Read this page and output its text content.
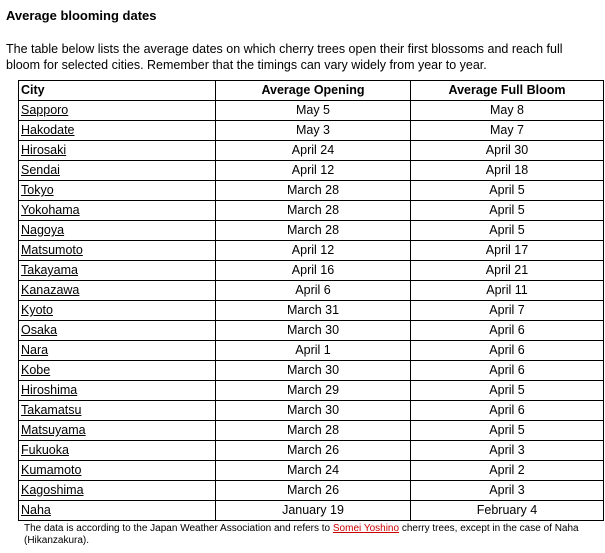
Average blooming dates
The table below lists the average dates on which cherry trees open their first blossoms and reach full bloom for selected cities. Remember that the timings can vary widely from year to year.
City	Average Opening	Average Full Bloom
Sapporo	May 5	May 8
Hakodate	May 3	May 7
Hirosaki	April 24	April 30
Sendai	April 12	April 18
Tokyo	March 28	April 5
Yokohama	March 28	April 5
Nagoya	March 28	April 5
Matsumoto	April 12	April 17
Takayama	April 16	April 21
Kanazawa	April 6	April 11
Kyoto	March 31	April 7
Osaka	March 30	April 6
Nara	April 1	April 6
Kobe	March 30	April 6
Hiroshima	March 29	April 5
Takamatsu	March 30	April 6
Matsuyama	March 28	April 5
Fukuoka	March 26	April 3
Kumamoto	March 24	April 2
Kagoshima	March 26	April 3
Naha	January 19	February 4
The data is according to the Japan Weather Association and refers to Somei Yoshino cherry trees, except in the case of Naha (Hikanzakura).
